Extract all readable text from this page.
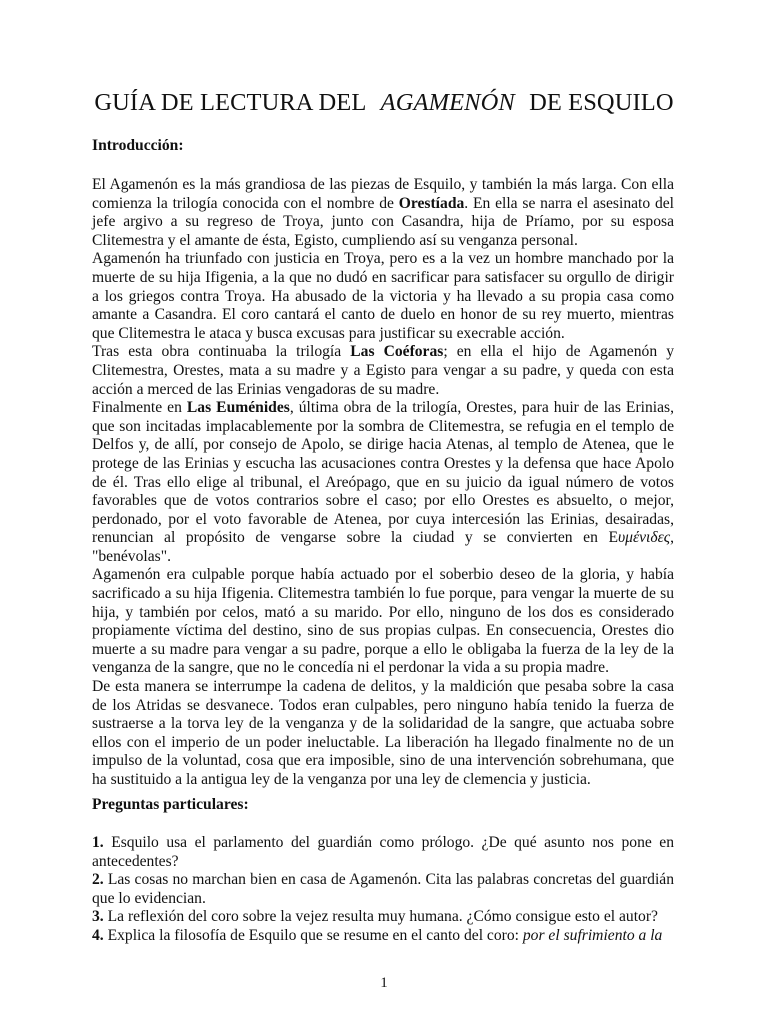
GUÍA DE LECTURA DEL AGAMENÓN DE ESQUILO

Introducción:

El Agamenón es la más grandiosa de las piezas de Esquilo, y también la más larga. Con ella comienza la trilogía conocida con el nombre de Orestíada. En ella se narra el asesinato del jefe argivo a su regreso de Troya, junto con Casandra, hija de Príamo, por su esposa Clitemestra y el amante de ésta, Egisto, cumpliendo así su venganza personal.

Agamenón ha triunfado con justicia en Troya, pero es a la vez un hombre manchado por la muerte de su hija Ifigenia, a la que no dudó en sacrificar para satisfacer su orgullo de dirigir a los griegos contra Troya. Ha abusado de la victoria y ha llevado a su propia casa como amante a Casandra. El coro cantará el canto de duelo en honor de su rey muerto, mientras que Clitemestra le ataca y busca excusas para justificar su execrable acción.

Tras esta obra continuaba la trilogía Las Coéforas; en ella el hijo de Agamenón y Clitemestra, Orestes, mata a su madre y a Egisto para vengar a su padre, y queda con esta acción a merced de las Erinias vengadoras de su madre.

Finalmente en Las Euménides, última obra de la trilogía, Orestes, para huir de las Erinias, que son incitadas implacablemente por la sombra de Clitemestra, se refugia en el templo de Delfos y, de allí, por consejo de Apolo, se dirige hacia Atenas, al templo de Atenea, que le protege de las Erinias y escucha las acusaciones contra Orestes y la defensa que hace Apolo de él. Tras ello elige al tribunal, el Areópago, que en su juicio da igual número de votos favorables que de votos contrarios sobre el caso; por ello Orestes es absuelto, o mejor, perdonado, por el voto favorable de Atenea, por cuya intercesión las Erinias, desairadas, renuncian al propósito de vengarse sobre la ciudad y se convierten en Ευμένιδες, "benévolas".

Agamenón era culpable porque había actuado por el soberbio deseo de la gloria, y había sacrificado a su hija Ifigenia. Clitemestra también lo fue porque, para vengar la muerte de su hija, y también por celos, mató a su marido. Por ello, ninguno de los dos es considerado propiamente víctima del destino, sino de sus propias culpas. En consecuencia, Orestes dio muerte a su madre para vengar a su padre, porque a ello le obligaba la fuerza de la ley de la venganza de la sangre, que no le concedía ni el perdonar la vida a su propia madre.

De esta manera se interrumpe la cadena de delitos, y la maldición que pesaba sobre la casa de los Atridas se desvanece. Todos eran culpables, pero ninguno había tenido la fuerza de sustraerse a la torva ley de la venganza y de la solidaridad de la sangre, que actuaba sobre ellos con el imperio de un poder ineluctable. La liberación ha llegado finalmente no de un impulso de la voluntad, cosa que era imposible, sino de una intervención sobrehumana, que ha sustituido a la antigua ley de la venganza por una ley de clemencia y justicia.

Preguntas particulares:

1. Esquilo usa el parlamento del guardián como prólogo. ¿De qué asunto nos pone en antecedentes?

2. Las cosas no marchan bien en casa de Agamenón. Cita las palabras concretas del guardián que lo evidencian.

3. La reflexión del coro sobre la vejez resulta muy humana. ¿Cómo consigue esto el autor?

4. Explica la filosofía de Esquilo que se resume en el canto del coro: por el sufrimiento a la

1
